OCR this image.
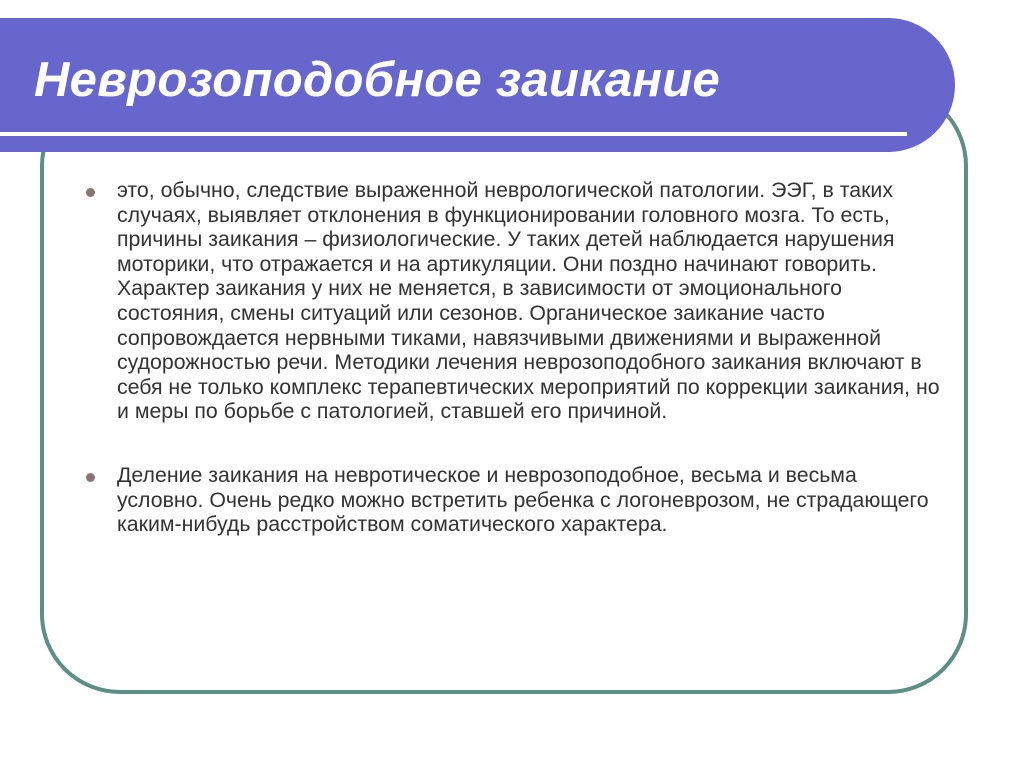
Неврозоподобное заикание
это, обычно, следствие выраженной неврологической патологии. ЭЭГ, в таких случаях, выявляет отклонения в функционировании головного мозга. То есть, причины заикания – физиологические. У таких детей наблюдается нарушения моторики, что отражается и на артикуляции. Они поздно начинают говорить. Характер заикания у них не меняется, в зависимости от эмоционального состояния, смены ситуаций или сезонов. Органическое заикание часто сопровождается нервными тиками, навязчивыми движениями и выраженной судорожностью речи. Методики лечения неврозоподобного заикания включают в себя не только комплекс терапевтических мероприятий по коррекции заикания, но и меры по борьбе с патологией, ставшей его причиной.
Деление заикания на невротическое и неврозоподобное, весьма и весьма условно. Очень редко можно встретить ребенка с логоневрозом, не страдающего каким-нибудь расстройством соматического характера.
